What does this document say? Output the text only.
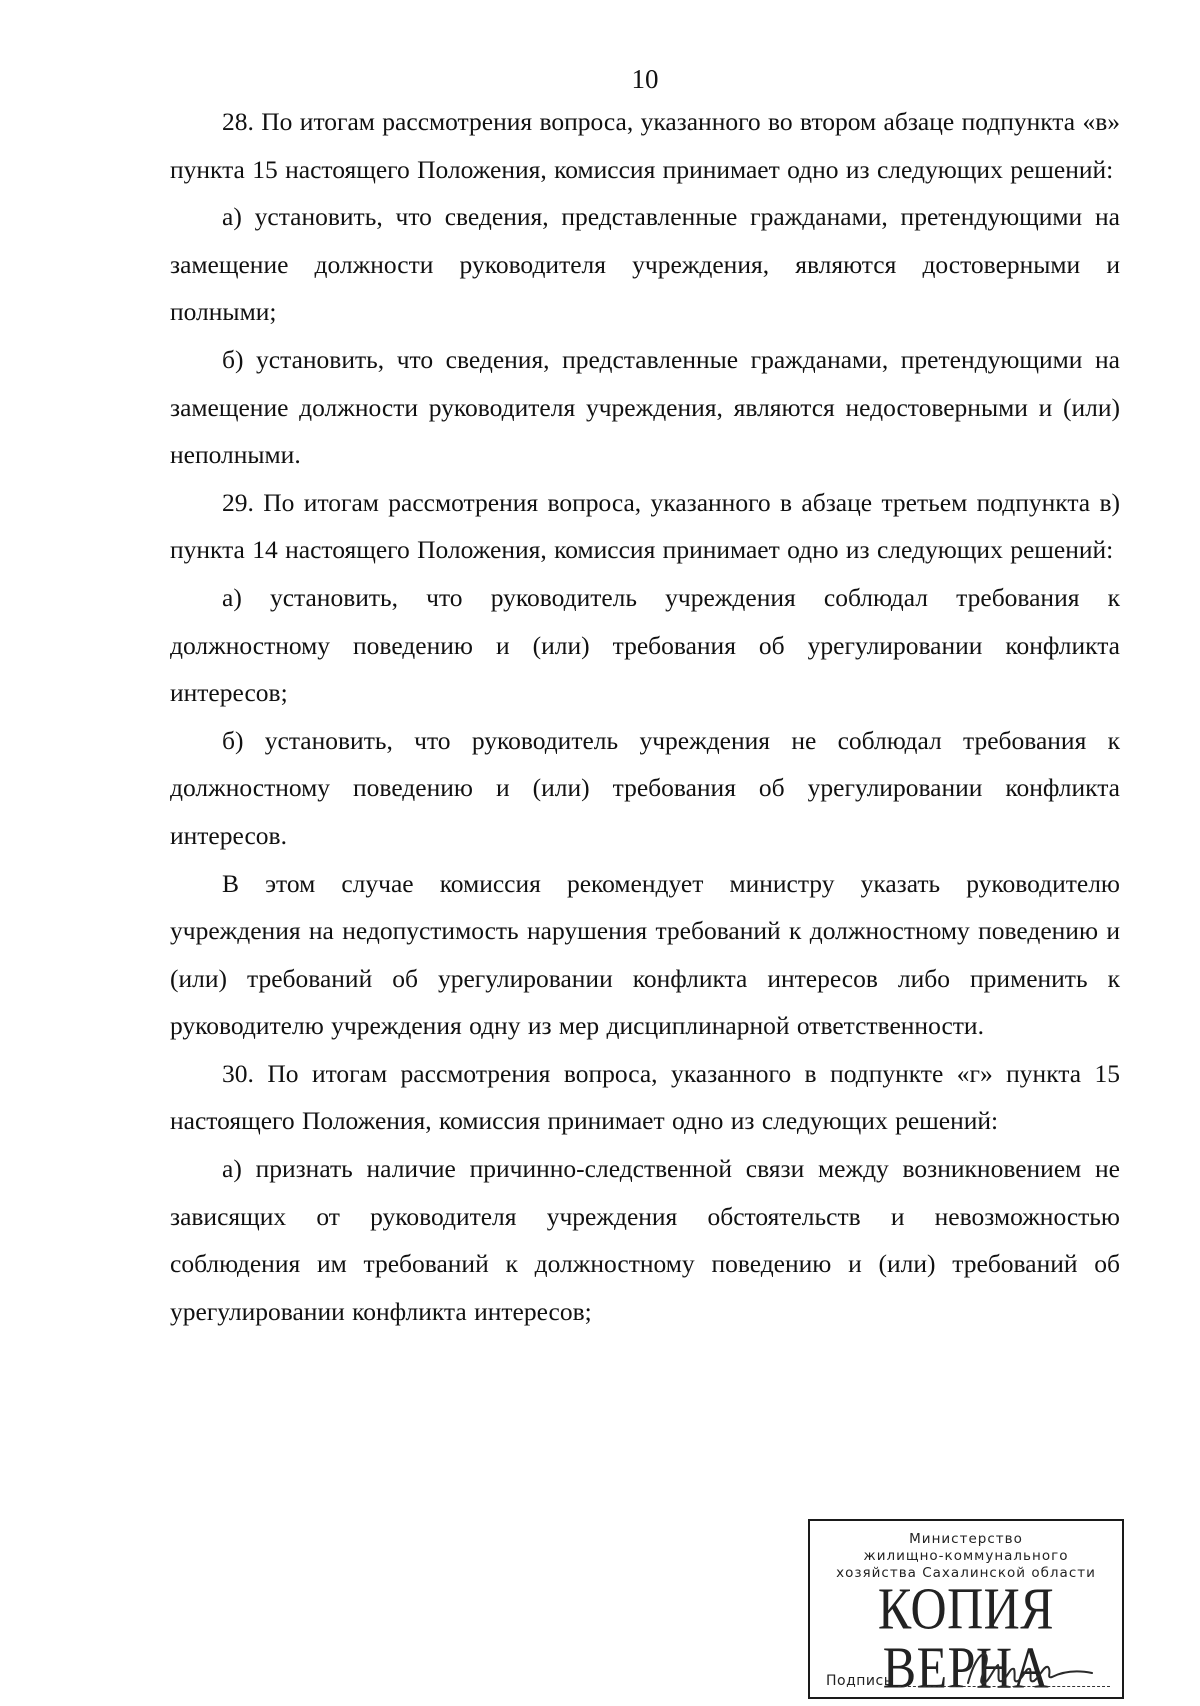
10

28. По итогам рассмотрения вопроса, указанного во втором абзаце подпункта «в» пункта 15 настоящего Положения, комиссия принимает одно из следующих решений:

а) установить, что сведения, представленные гражданами, претендующими на замещение должности руководителя учреждения, являются достоверными и полными;

б) установить, что сведения, представленные гражданами, претендующими на замещение должности руководителя учреждения, являются недостоверными и (или) неполными.

29. По итогам рассмотрения вопроса, указанного в абзаце третьем подпункта в) пункта 14 настоящего Положения, комиссия принимает одно из следующих решений:

а) установить, что руководитель учреждения соблюдал требования к должностному поведению и (или) требования об урегулировании конфликта интересов;

б) установить, что руководитель учреждения не соблюдал требования к должностному поведению и (или) требования об урегулировании конфликта интересов.

В этом случае комиссия рекомендует министру указать руководителю учреждения на недопустимость нарушения требований к должностному поведению и (или) требований об урегулировании конфликта интересов либо применить к руководителю учреждения одну из мер дисциплинарной ответственности.

30. По итогам рассмотрения вопроса, указанного в подпункте «г» пункта 15 настоящего Положения, комиссия принимает одно из следующих решений:

а) признать наличие причинно-следственной связи между возникновением не зависящих от руководителя учреждения обстоятельств и невозможностью соблюдения им требований к должностному поведению и (или) требований об урегулировании конфликта интересов;

Министерство
жилищно-коммунального
хозяйства Сахалинской области
КОПИЯ ВЕРНА
Подпись
